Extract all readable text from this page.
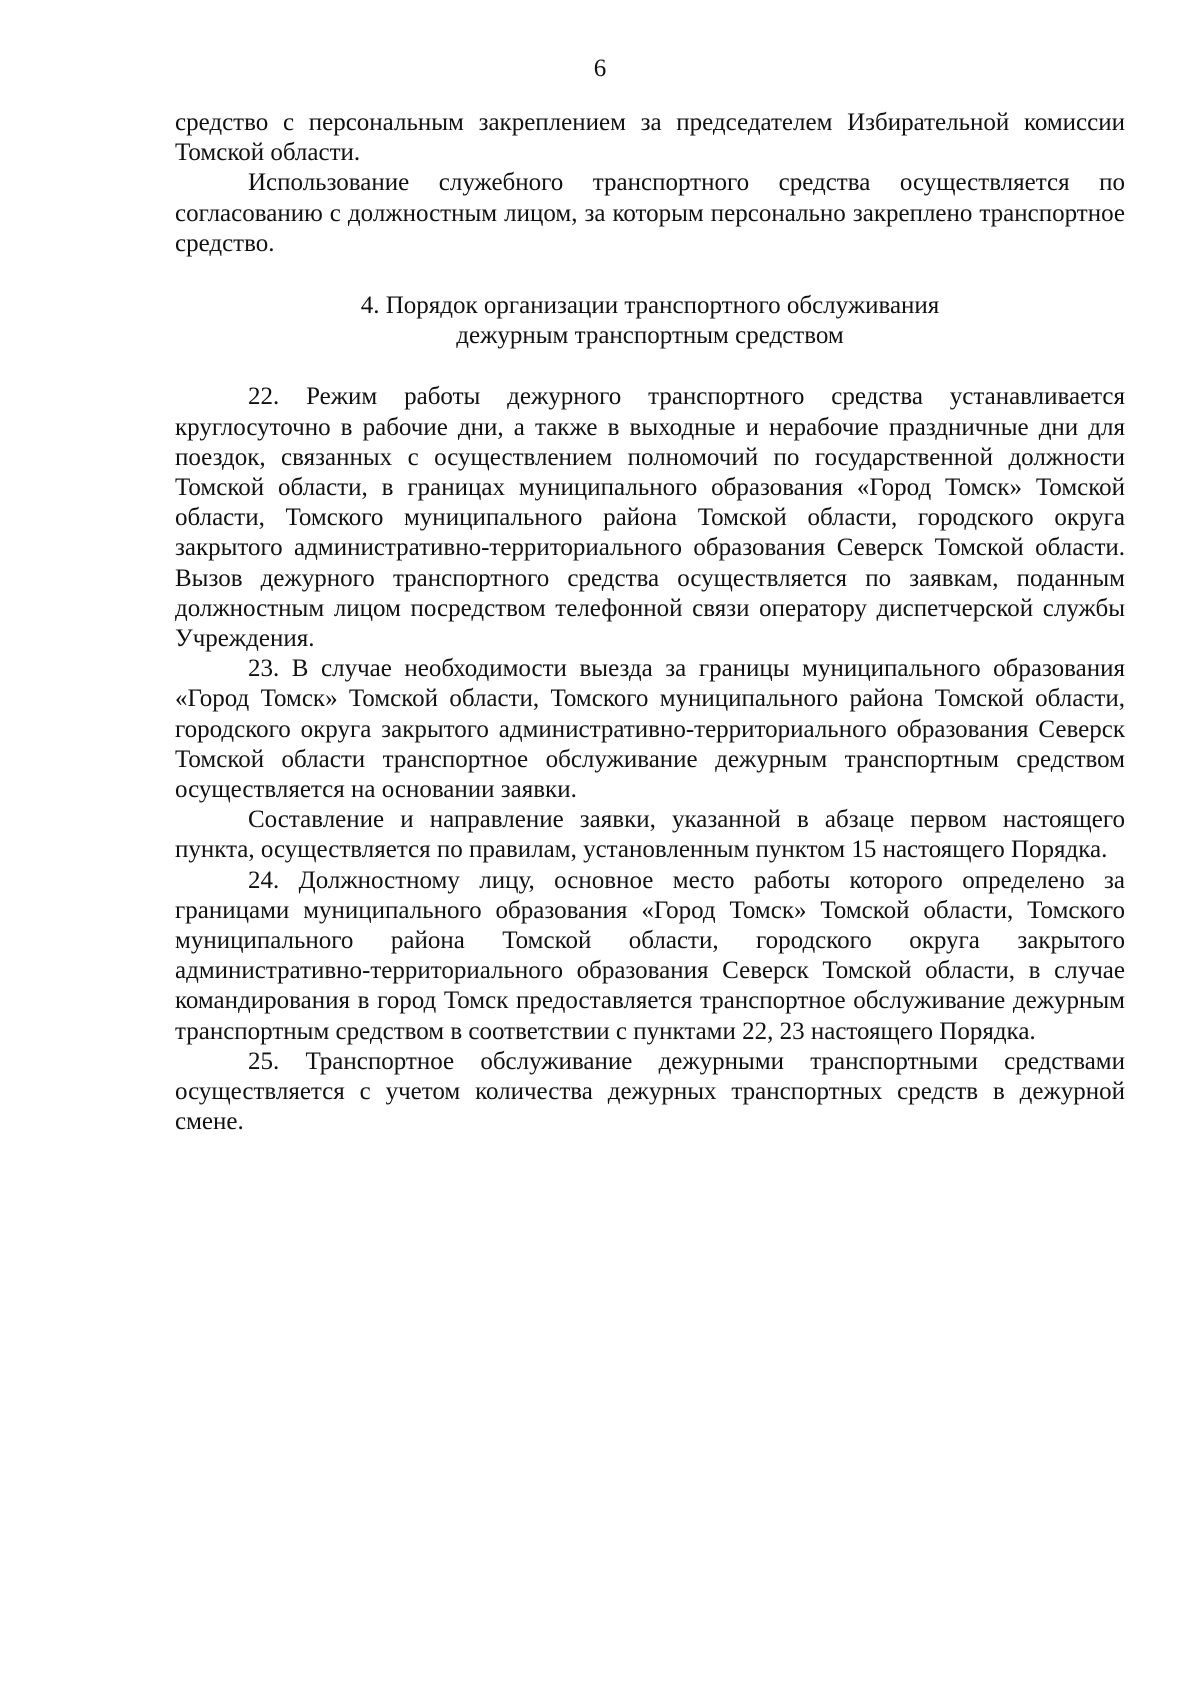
6

средство с персональным закреплением за председателем Избирательной комиссии Томской области.

Использование служебного транспортного средства осуществляется по согласованию с должностным лицом, за которым персонально закреплено транспортное средство.

4. Порядок организации транспортного обслуживания
дежурным транспортным средством

22. Режим работы дежурного транспортного средства устанавливается круглосуточно в рабочие дни, а также в выходные и нерабочие праздничные дни для поездок, связанных с осуществлением полномочий по государственной должности Томской области, в границах муниципального образования «Город Томск» Томской области, Томского муниципального района Томской области, городского округа закрытого административно-территориального образования Северск Томской области. Вызов дежурного транспортного средства осуществляется по заявкам, поданным должностным лицом посредством телефонной связи оператору диспетчерской службы Учреждения.

23. В случае необходимости выезда за границы муниципального образования «Город Томск» Томской области, Томского муниципального района Томской области, городского округа закрытого административно-территориального образования Северск Томской области транспортное обслуживание дежурным транспортным средством осуществляется на основании заявки.

Составление и направление заявки, указанной в абзаце первом настоящего пункта, осуществляется по правилам, установленным пунктом 15 настоящего Порядка.

24. Должностному лицу, основное место работы которого определено за границами муниципального образования «Город Томск» Томской области, Томского муниципального района Томской области, городского округа закрытого административно-территориального образования Северск Томской области, в случае командирования в город Томск предоставляется транспортное обслуживание дежурным транспортным средством в соответствии с пунктами 22, 23 настоящего Порядка.

25. Транспортное обслуживание дежурными транспортными средствами осуществляется с учетом количества дежурных транспортных средств в дежурной смене.
